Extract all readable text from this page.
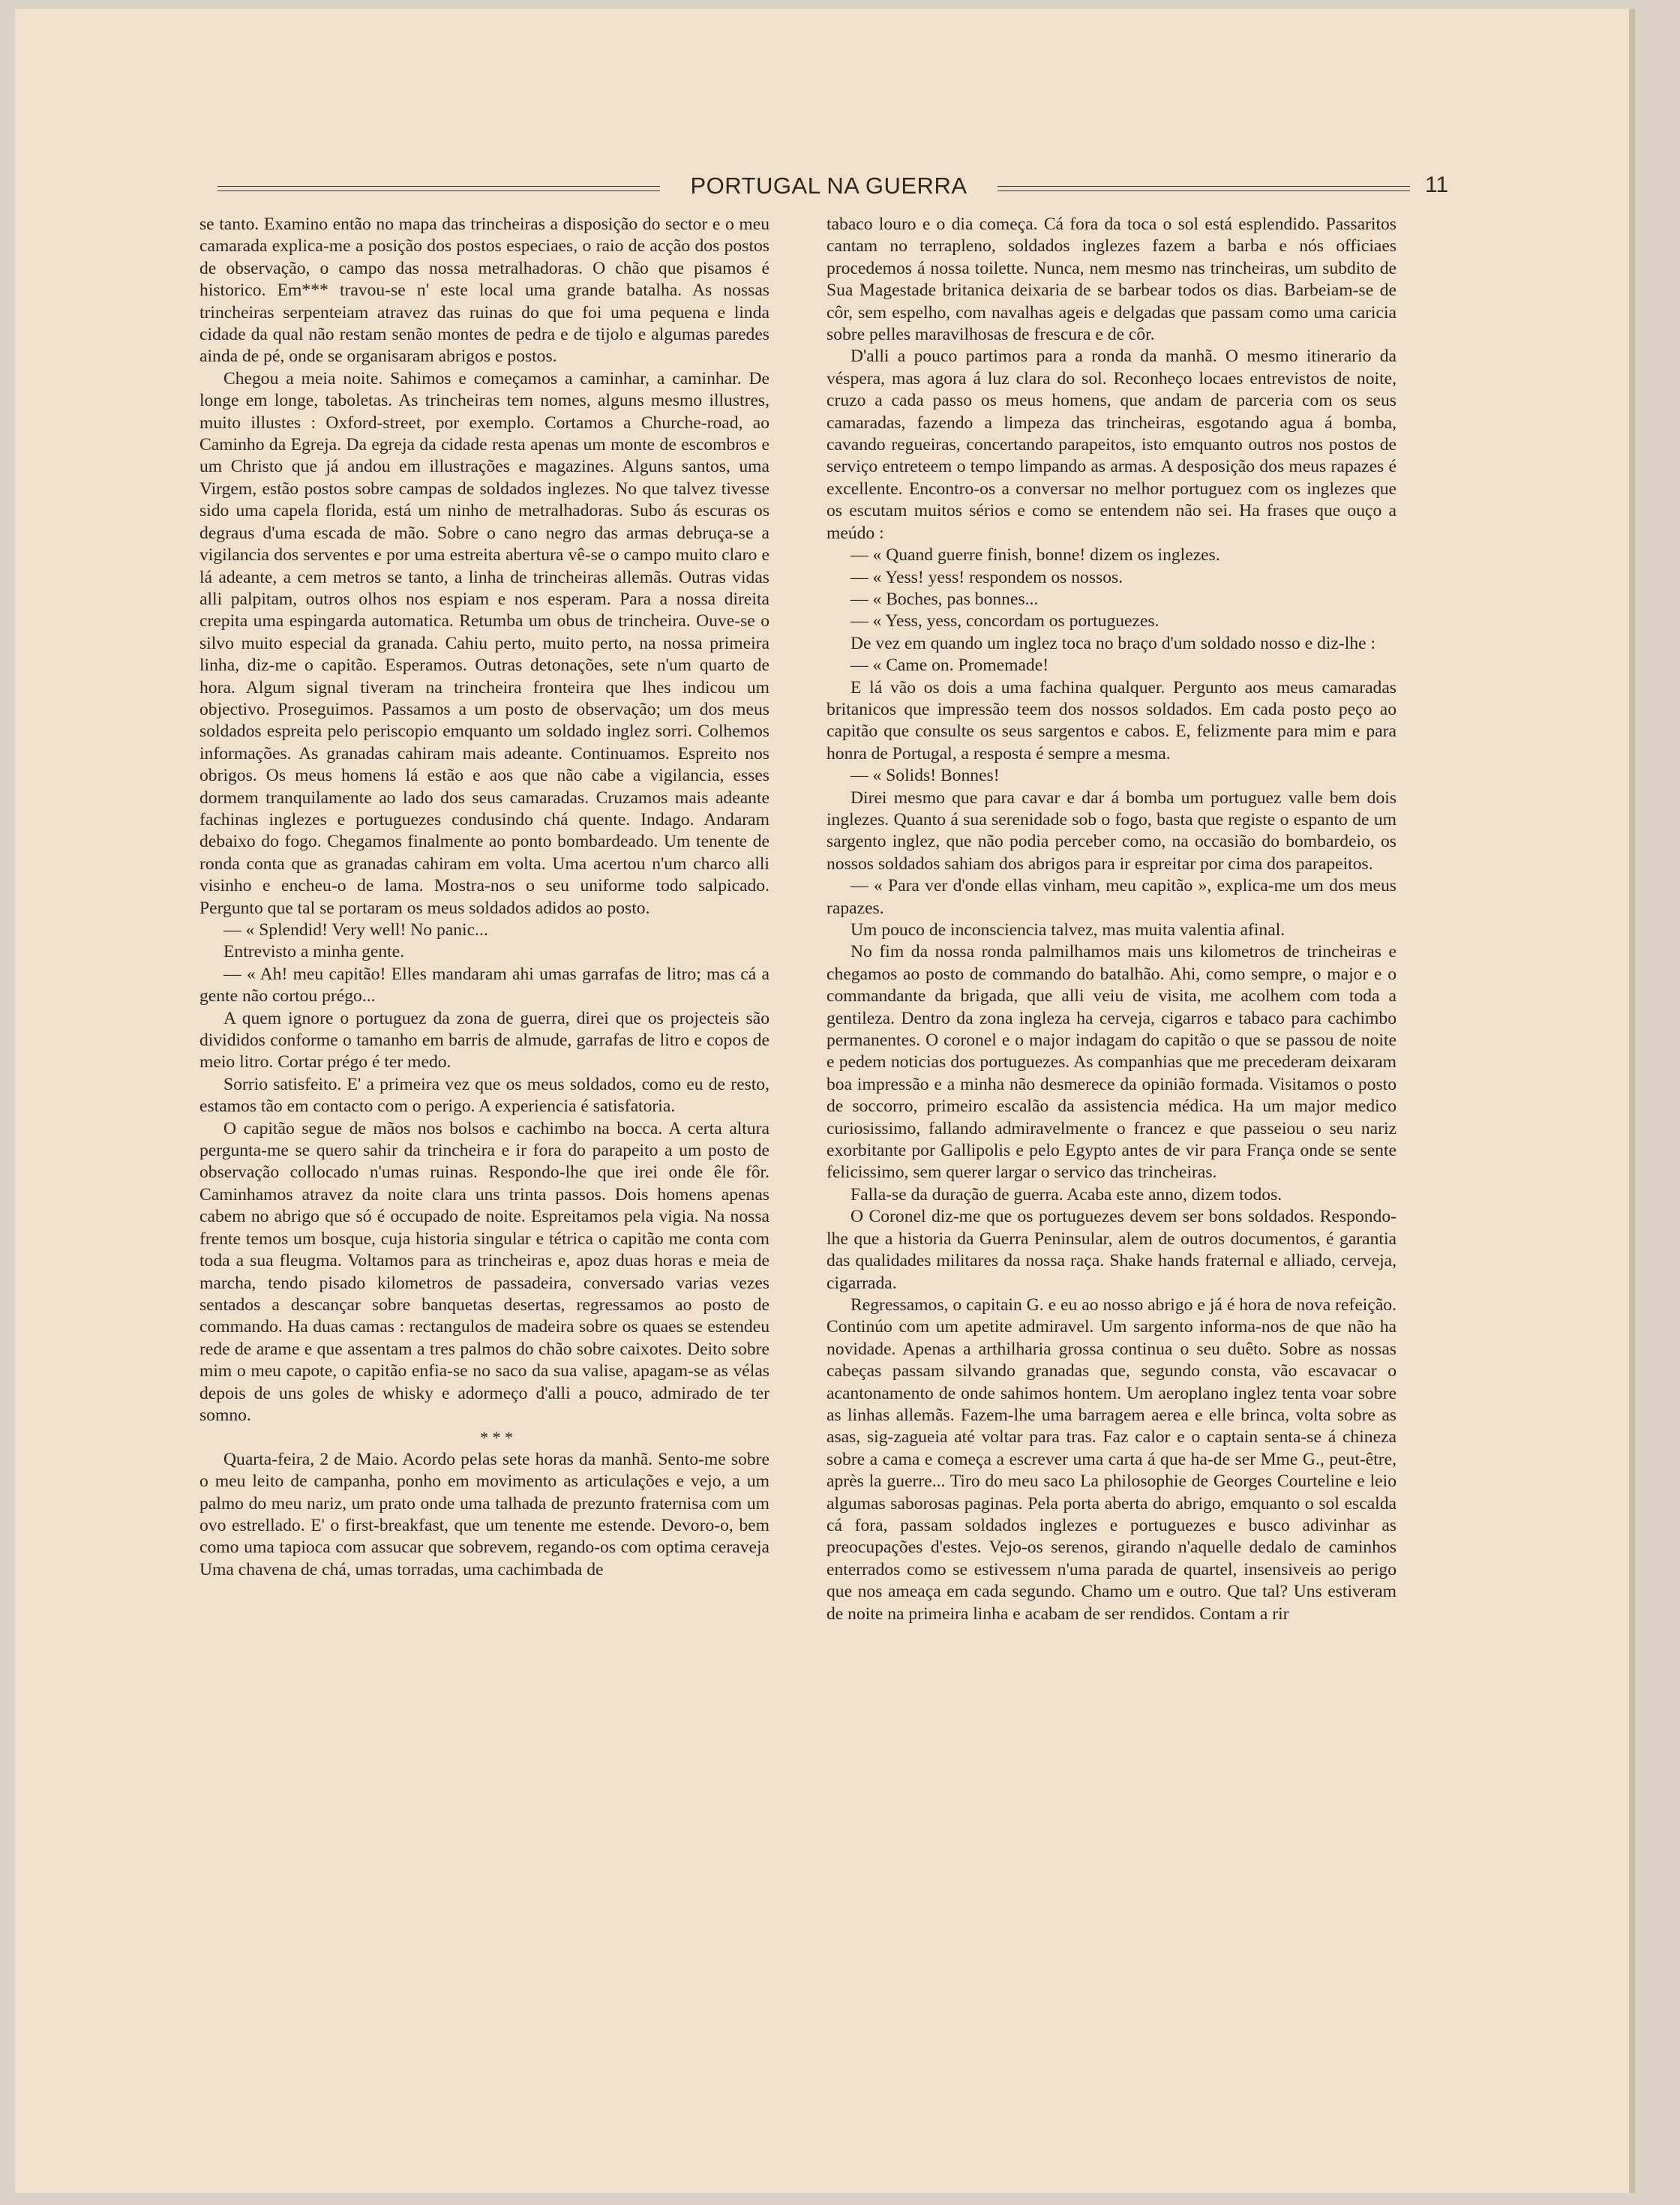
PORTUGAL NA GUERRA	11

se tanto. Examino então no mapa das trincheiras a disposição do sector e o meu camarada explica-me a posição dos postos especiaes, o raio de acção dos postos de observação, o campo das nossa metralhadoras. O chão que pisamos é historico. Em*** travou-se n' este local uma grande batalha. As nossas trincheiras serpenteiam atravez das ruinas do que foi uma pequena e linda cidade da qual não restam senão montes de pedra e de tijolo e algumas paredes ainda de pé, onde se organisaram abrigos e postos.

Chegou a meia noite. Sahimos e começamos a caminhar, a caminhar. De longe em longe, taboletas. As trincheiras tem nomes, alguns mesmo illustres, muito illustes : Oxford-street, por exemplo. Cortamos a Churche-road, ao Caminho da Egreja. Da egreja da cidade resta apenas um monte de escombros e um Christo que já andou em illustrações e magazines. Alguns santos, uma Virgem, estão postos sobre campas de soldados inglezes. No que talvez tivesse sido uma capela florida, está um ninho de metralhadoras. Subo ás escuras os degraus d'uma escada de mão. Sobre o cano negro das armas debruça-se a vigilancia dos serventes e por uma estreita abertura vê-se o campo muito claro e lá adeante, a cem metros se tanto, a linha de trincheiras allemãs. Outras vidas alli palpitam, outros olhos nos espiam e nos esperam. Para a nossa direita crepita uma espingarda automatica. Retumba um obus de trincheira. Ouve-se o silvo muito especial da granada. Cahiu perto, muito perto, na nossa primeira linha, diz-me o capitão. Esperamos. Outras detonações, sete n'um quarto de hora. Algum signal tiveram na trincheira fronteira que lhes indicou um objectivo. Proseguimos. Passamos a um posto de observação; um dos meus soldados espreita pelo periscopio emquanto um soldado inglez sorri. Colhemos informações. As granadas cahiram mais adeante. Continuamos. Espreito nos obrigos. Os meus homens lá estão e aos que não cabe a vigilancia, esses dormem tranquilamente ao lado dos seus camaradas. Cruzamos mais adeante fachinas inglezes e portuguezes condusindo chá quente. Indago. Andaram debaixo do fogo. Chegamos finalmente ao ponto bombardeado. Um tenente de ronda conta que as granadas cahiram em volta. Uma acertou n'um charco alli visinho e encheu-o de lama. Mostra-nos o seu uniforme todo salpicado. Pergunto que tal se portaram os meus soldados adidos ao posto.

— « Splendid! Very well! No panic...

Entrevisto a minha gente.

— « Ah! meu capitão! Elles mandaram ahi umas garrafas de litro; mas cá a gente não cortou prégo...

A quem ignore o portuguez da zona de guerra, direi que os projecteis são divididos conforme o tamanho em barris de almude, garrafas de litro e copos de meio litro. Cortar prégo é ter medo.

Sorrio satisfeito. E' a primeira vez que os meus soldados, como eu de resto, estamos tão em contacto com o perigo. A experiencia é satisfatoria.

O capitão segue de mãos nos bolsos e cachimbo na bocca. A certa altura pergunta-me se quero sahir da trincheira e ir fora do parapeito a um posto de observação collocado n'umas ruinas. Respondo-lhe que irei onde êle fôr. Caminhamos atravez da noite clara uns trinta passos. Dois homens apenas cabem no abrigo que só é occupado de noite. Espreitamos pela vigia. Na nossa frente temos um bosque, cuja historia singular e tétrica o capitão me conta com toda a sua fleugma. Voltamos para as trincheiras e, apoz duas horas e meia de marcha, tendo pisado kilometros de passadeira, conversado varias vezes sentados a descançar sobre banquetas desertas, regressamos ao posto de commando. Ha duas camas : rectangulos de madeira sobre os quaes se estendeu rede de arame e que assentam a tres palmos do chão sobre caixotes. Deito sobre mim o meu capote, o capitão enfia-se no saco da sua valise, apagam-se as vélas depois de uns goles de whisky e adormeço d'alli a pouco, admirado de ter somno.

* * *

Quarta-feira, 2 de Maio. Acordo pelas sete horas da manhã. Sento-me sobre o meu leito de campanha, ponho em movimento as articulações e vejo, a um palmo do meu nariz, um prato onde uma talhada de prezunto fraternisa com um ovo estrellado. E' o first-breakfast, que um tenente me estende. Devoro-o, bem como uma tapioca com assucar que sobrevem, regando-os com optima ceraveja Uma chavena de chá, umas torradas, uma cachimbada de

tabaco louro e o dia começa. Cá fora da toca o sol está esplendido. Passaritos cantam no terrapleno, soldados inglezes fazem a barba e nós officiaes procedemos á nossa toilette. Nunca, nem mesmo nas trincheiras, um subdito de Sua Magestade britanica deixaria de se barbear todos os dias. Barbeiam-se de côr, sem espelho, com navalhas ageis e delgadas que passam como uma caricia sobre pelles maravilhosas de frescura e de côr.

D'alli a pouco partimos para a ronda da manhã. O mesmo itinerario da véspera, mas agora á luz clara do sol. Reconheço locaes entrevistos de noite, cruzo a cada passo os meus homens, que andam de parceria com os seus camaradas, fazendo a limpeza das trincheiras, esgotando agua á bomba, cavando regueiras, concertando parapeitos, isto emquanto outros nos postos de serviço entreteem o tempo limpando as armas. A desposição dos meus rapazes é excellente. Encontro-os a conversar no melhor portuguez com os inglezes que os escutam muitos sérios e como se entendem não sei. Ha frases que ouço a meúdo :

— « Quand guerre finish, bonne! dizem os inglezes.

— « Yess! yess! respondem os nossos.

— « Boches, pas bonnes...

— « Yess, yess, concordam os portuguezes.

De vez em quando um inglez toca no braço d'um soldado nosso e diz-lhe :

— « Came on. Promemade!

E lá vão os dois a uma fachina qualquer. Pergunto aos meus camaradas britanicos que impressão teem dos nossos soldados. Em cada posto peço ao capitão que consulte os seus sargentos e cabos. E, felizmente para mim e para honra de Portugal, a resposta é sempre a mesma.

— « Solids! Bonnes!

Direi mesmo que para cavar e dar á bomba um portuguez valle bem dois inglezes. Quanto á sua serenidade sob o fogo, basta que registe o espanto de um sargento inglez, que não podia perceber como, na occasião do bombardeio, os nossos soldados sahiam dos abrigos para ir espreitar por cima dos parapeitos.

— « Para ver d'onde ellas vinham, meu capitão », explica-me um dos meus rapazes.

Um pouco de inconsciencia talvez, mas muita valentia afinal.

No fim da nossa ronda palmilhamos mais uns kilometros de trincheiras e chegamos ao posto de commando do batalhão. Ahi, como sempre, o major e o commandante da brigada, que alli veiu de visita, me acolhem com toda a gentileza. Dentro da zona ingleza ha cerveja, cigarros e tabaco para cachimbo permanentes. O coronel e o major indagam do capitão o que se passou de noite e pedem noticias dos portuguezes. As companhias que me precederam deixaram boa impressão e a minha não desmerece da opinião formada. Visitamos o posto de soccorro, primeiro escalão da assistencia médica. Ha um major medico curiosissimo, fallando admiravelmente o francez e que passeiou o seu nariz exorbitante por Gallipolis e pelo Egypto antes de vir para França onde se sente felicissimo, sem querer largar o servico das trincheiras.

Falla-se da duração de guerra. Acaba este anno, dizem todos.

O Coronel diz-me que os portuguezes devem ser bons soldados. Respondo-lhe que a historia da Guerra Peninsular, alem de outros documentos, é garantia das qualidades militares da nossa raça. Shake hands fraternal e alliado, cerveja, cigarrada.

Regressamos, o capitain G. e eu ao nosso abrigo e já é hora de nova refeição. Continúo com um apetite admiravel. Um sargento informa-nos de que não ha novidade. Apenas a arthilharia grossa continua o seu duêto. Sobre as nossas cabeças passam silvando granadas que, segundo consta, vão escavacar o acantonamento de onde sahimos hontem. Um aeroplano inglez tenta voar sobre as linhas allemãs. Fazem-lhe uma barragem aerea e elle brinca, volta sobre as asas, sig-zagueia até voltar para tras. Faz calor e o captain senta-se á chineza sobre a cama e começa a escrever uma carta á que ha-de ser Mme G., peut-être, après la guerre... Tiro do meu saco La philosophie de Georges Courteline e leio algumas saborosas paginas. Pela porta aberta do abrigo, emquanto o sol escalda cá fora, passam soldados inglezes e portuguezes e busco adivinhar as preocupações d'estes. Vejo-os serenos, girando n'aquelle dedalo de caminhos enterrados como se estivessem n'uma parada de quartel, insensiveis ao perigo que nos ameaça em cada segundo. Chamo um e outro. Que tal? Uns estiveram de noite na primeira linha e acabam de ser rendidos. Contam a rir
